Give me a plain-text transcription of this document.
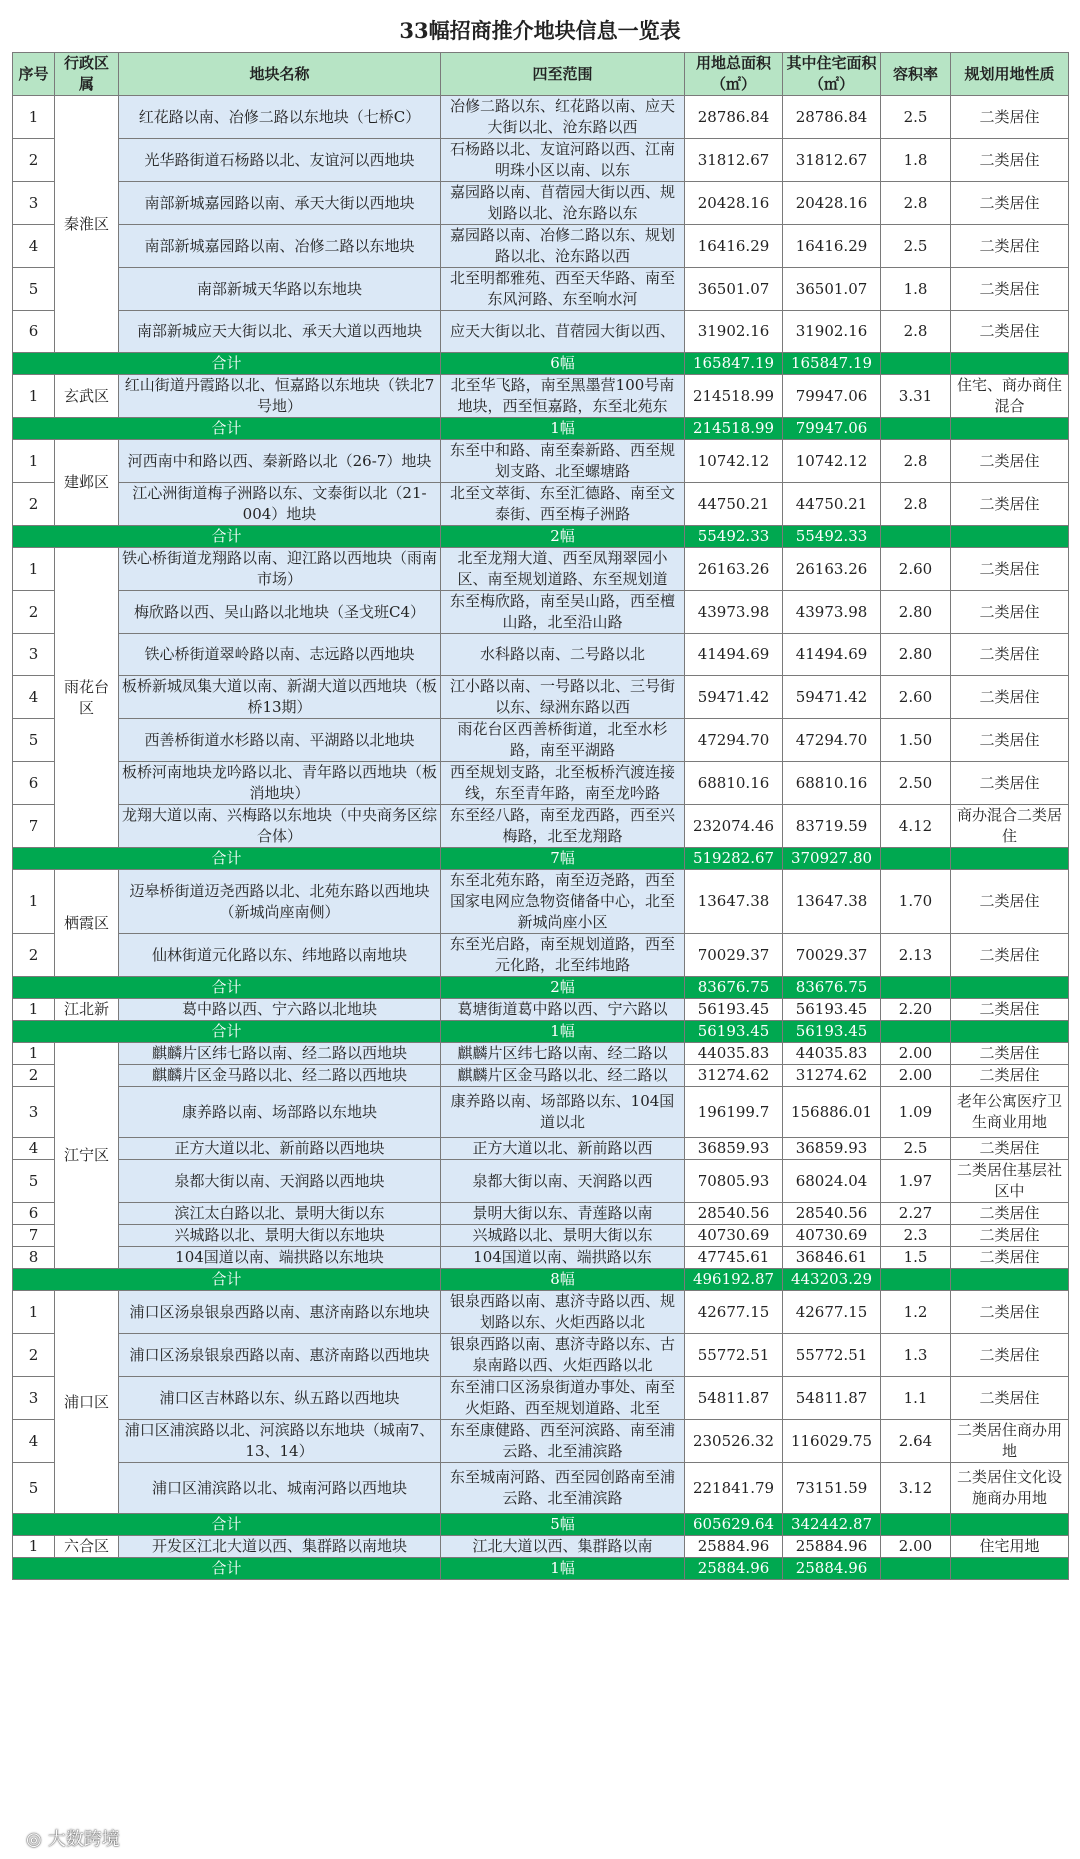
33幅招商推介地块信息一览表
序号	行政区属	地块名称	四至范围	用地总面积（㎡）	其中住宅面积（㎡）	容积率	规划用地性质
1	秦淮区	红花路以南、冶修二路以东地块（七桥C）	冶修二路以东、红花路以南、应天大街以北、沧东路以西	28786.84	28786.84	2.5	二类居住
2		光华路街道石杨路以北、友谊河以西地块	石杨路以北、友谊河路以西、江南明珠小区以南、以东	31812.67	31812.67	1.8	二类居住
3		南部新城嘉园路以南、承天大街以西地块	嘉园路以南、苜蓿园大街以西、规划路以北、沧东路以东	20428.16	20428.16	2.8	二类居住
4		南部新城嘉园路以南、冶修二路以东地块	嘉园路以南、冶修二路以东、规划路以北、沧东路以西	16416.29	16416.29	2.5	二类居住
5		南部新城天华路以东地块	北至明都雅苑、西至天华路、南至东风河路、东至响水河	36501.07	36501.07	1.8	二类居住
6		南部新城应天大街以北、承天大道以西地块	应天大街以北、苜蓿园大街以西、	31902.16	31902.16	2.8	二类居住
合计			6幅	165847.19	165847.19		
1	玄武区	红山街道丹霞路以北、恒嘉路以东地块（铁北7号地）	北至华飞路，南至黑墨营100号南地块，西至恒嘉路，东至北苑东	214518.99	79947.06	3.31	住宅、商办商住混合
合计			1幅	214518.99	79947.06		
1	建邺区	河西南中和路以西、秦新路以北（26-7）地块	东至中和路、南至秦新路、西至规划支路、北至螺塘路	10742.12	10742.12	2.8	二类居住
2		江心洲街道梅子洲路以东、文泰街以北（21-004）地块	北至文萃街、东至汇德路、南至文泰街、西至梅子洲路	44750.21	44750.21	2.8	二类居住
合计			2幅	55492.33	55492.33		
1	雨花台区	铁心桥街道龙翔路以南、迎江路以西地块（雨南市场）	北至龙翔大道、西至凤翔翠园小区、南至规划道路、东至规划道	26163.26	26163.26	2.60	二类居住
2		梅欣路以西、吴山路以北地块（圣戈班C4）	东至梅欣路，南至吴山路，西至檀山路，北至沿山路	43973.98	43973.98	2.80	二类居住
3		铁心桥街道翠岭路以南、志远路以西地块	水科路以南、二号路以北	41494.69	41494.69	2.80	二类居住
4		板桥新城凤集大道以南、新湖大道以西地块（板桥13期）	江小路以南、一号路以北、三号街以东、绿洲东路以西	59471.42	59471.42	2.60	二类居住
5		西善桥街道水杉路以南、平湖路以北地块	雨花台区西善桥街道，北至水杉路，南至平湖路	47294.70	47294.70	1.50	二类居住
6		板桥河南地块龙吟路以北、青年路以西地块（板消地块）	西至规划支路，北至板桥汽渡连接线，东至青年路，南至龙吟路	68810.16	68810.16	2.50	二类居住
7		龙翔大道以南、兴梅路以东地块（中央商务区综合体）	东至经八路，南至龙西路，西至兴梅路，北至龙翔路	232074.46	83719.59	4.12	商办混合二类居住
合计			7幅	519282.67	370927.80		
1	栖霞区	迈皋桥街道迈尧西路以北、北苑东路以西地块（新城尚座南侧）	东至北苑东路，南至迈尧路，西至国家电网应急物资储备中心，北至新城尚座小区	13647.38	13647.38	1.70	二类居住
2		仙林街道元化路以东、纬地路以南地块	东至光启路，南至规划道路，西至元化路，北至纬地路	70029.37	70029.37	2.13	二类居住
合计			2幅	83676.75	83676.75		
1	江北新	葛中路以西、宁六路以北地块	葛塘街道葛中路以西、宁六路以	56193.45	56193.45	2.20	二类居住
合计			1幅	56193.45	56193.45		
1	江宁区	麒麟片区纬七路以南、经二路以西地块	麒麟片区纬七路以南、经二路以	44035.83	44035.83	2.00	二类居住
2		麒麟片区金马路以北、经二路以西地块	麒麟片区金马路以北、经二路以	31274.62	31274.62	2.00	二类居住
3		康养路以南、场部路以东地块	康养路以南、场部路以东、104国道以北	196199.7	156886.01	1.09	老年公寓医疗卫生商业用地
4		正方大道以北、新前路以西地块	正方大道以北、新前路以西	36859.93	36859.93	2.5	二类居住
5		泉都大街以南、天润路以西地块	泉都大街以南、天润路以西	70805.93	68024.04	1.97	二类居住基层社区中
6		滨江太白路以北、景明大街以东	景明大街以东、青莲路以南	28540.56	28540.56	2.27	二类居住
7		兴城路以北、景明大街以东地块	兴城路以北、景明大街以东	40730.69	40730.69	2.3	二类居住
8		104国道以南、端拱路以东地块	104国道以南、端拱路以东	47745.61	36846.61	1.5	二类居住
合计			8幅	496192.87	443203.29		
1	浦口区	浦口区汤泉银泉西路以南、惠济南路以东地块	银泉西路以南、惠济寺路以西、规划路以东、火炬西路以北	42677.15	42677.15	1.2	二类居住
2		浦口区汤泉银泉西路以南、惠济南路以西地块	银泉西路以南、惠济寺路以东、古泉南路以西、火炬西路以北	55772.51	55772.51	1.3	二类居住
3		浦口区吉林路以东、纵五路以西地块	东至浦口区汤泉街道办事处、南至火炬路、西至规划道路、北至	54811.87	54811.87	1.1	二类居住
4		浦口区浦滨路以北、河滨路以东地块（城南7、13、14）	东至康健路、西至河滨路、南至浦云路、北至浦滨路	230526.32	116029.75	2.64	二类居住商办用地
5		浦口区浦滨路以北、城南河路以西地块	东至城南河路、西至园创路南至浦云路、北至浦滨路	221841.79	73151.59	3.12	二类居住文化设施商办用地
合计			5幅	605629.64	342442.87		
1	六合区	开发区江北大道以西、集群路以南地块	江北大道以西、集群路以南	25884.96	25884.96	2.00	住宅用地
合计			1幅	25884.96	25884.96		
◎ 大数跨境
